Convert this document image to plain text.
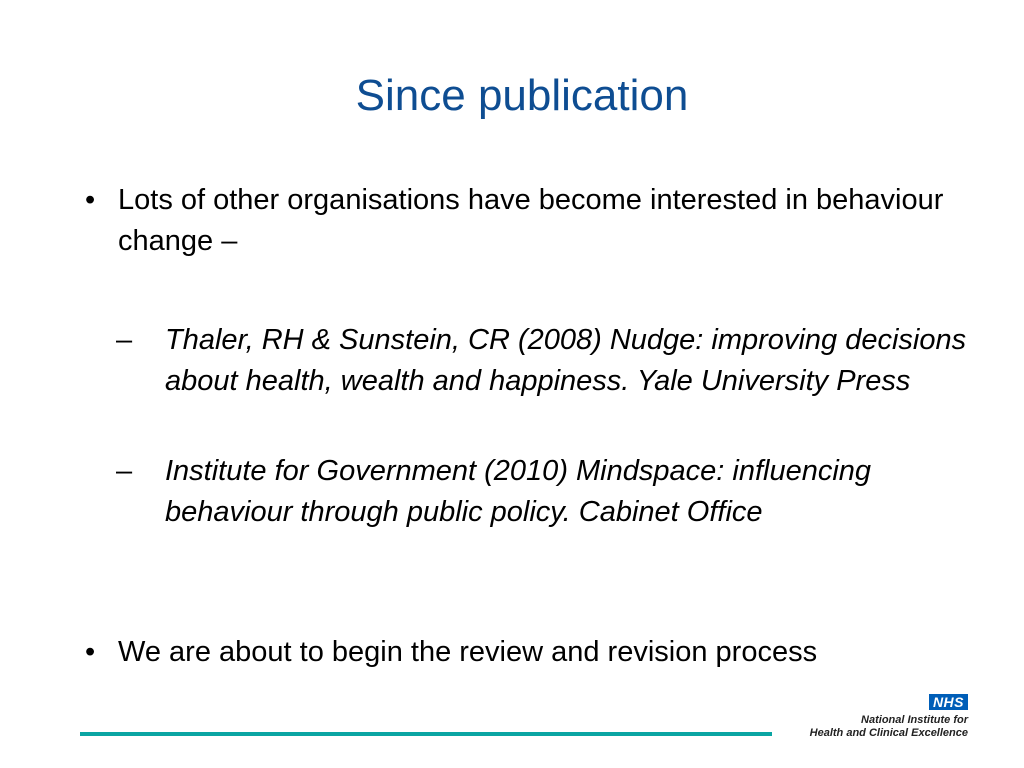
Since publication
• Lots of other organisations have become interested in behaviour change –
– Thaler, RH & Sunstein, CR (2008) Nudge: improving decisions about health, wealth and happiness. Yale University Press
– Institute for Government (2010) Mindspace: influencing behaviour through public policy. Cabinet Office
• We are about to begin the review and revision process
NHS
National Institute for
Health and Clinical Excellence
